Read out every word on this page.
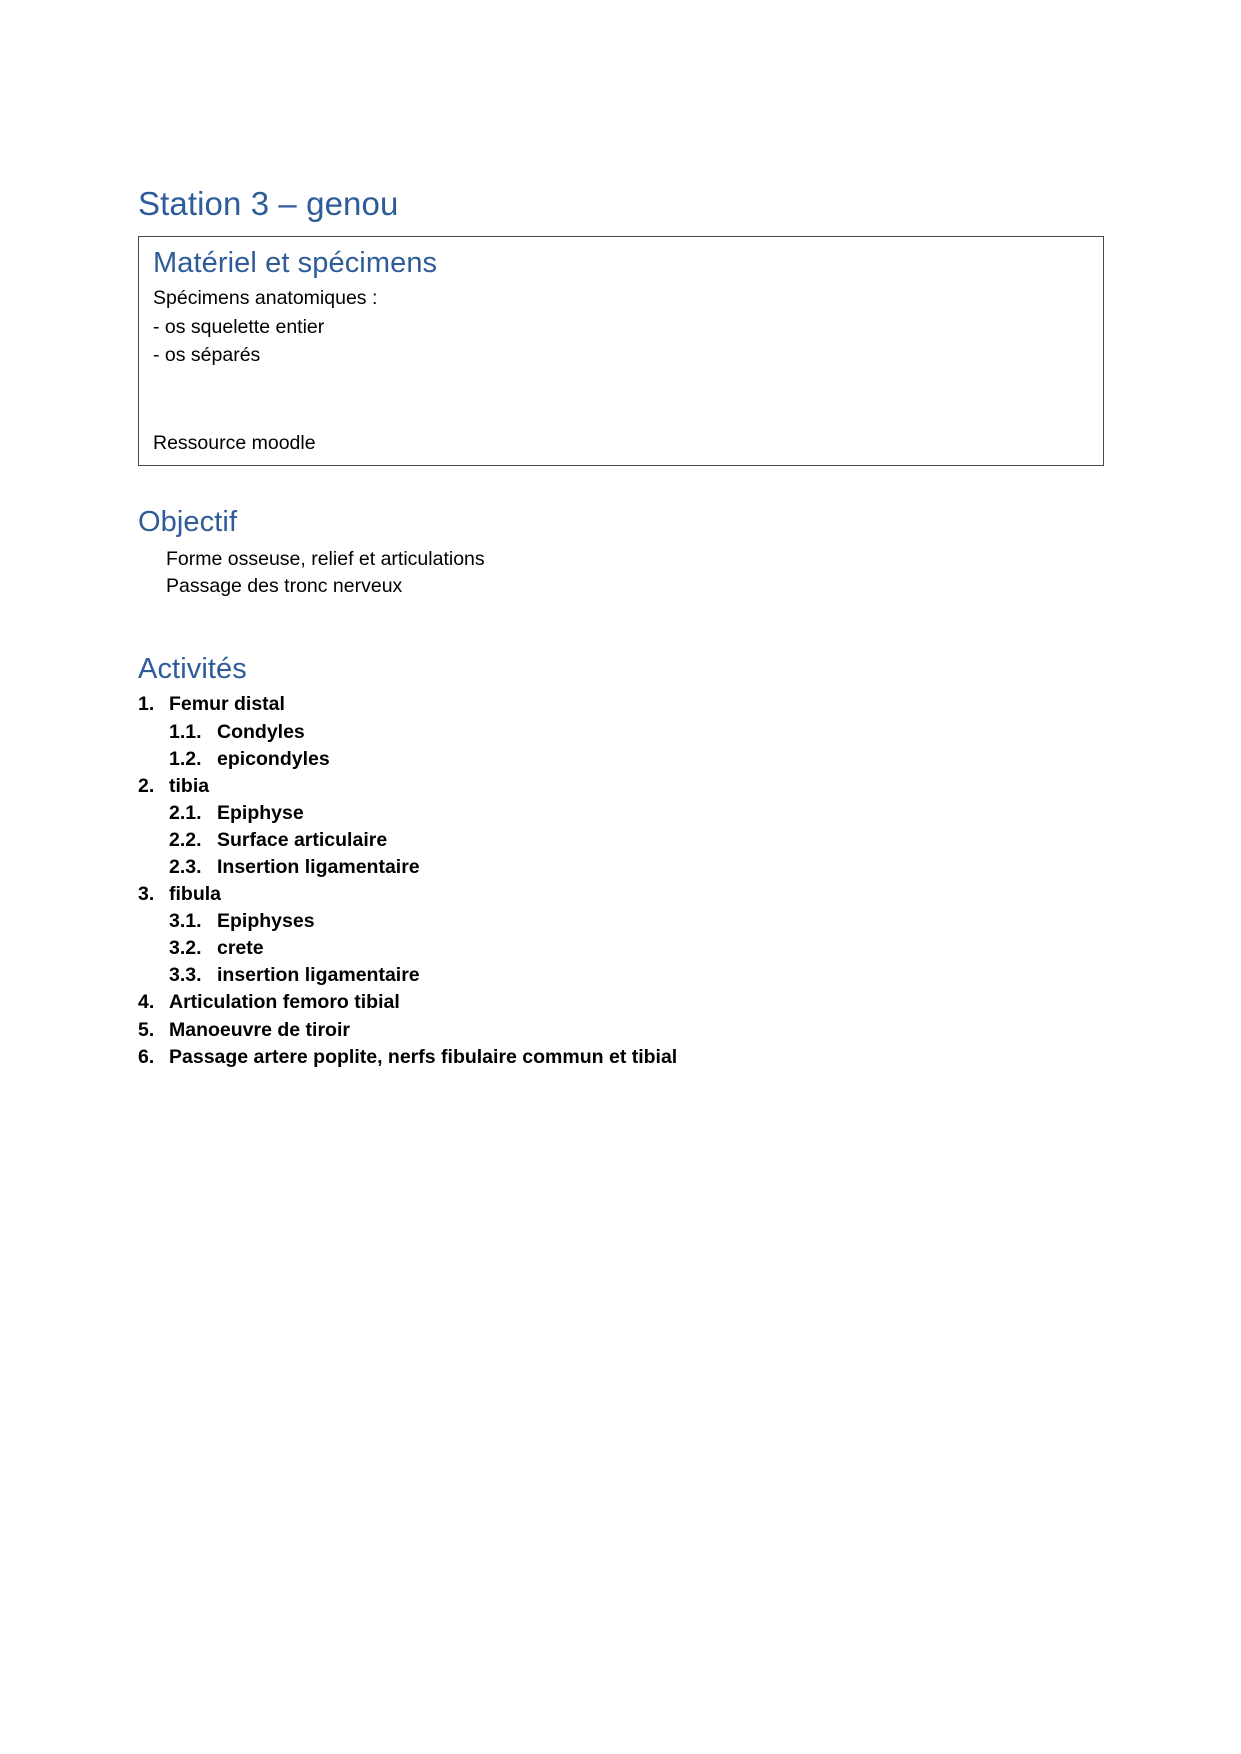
Station 3 – genou
Matériel et spécimens

Spécimens anatomiques :

- os squelette entier

- os séparés

Ressource moodle

Objectif

Forme osseuse, relief et articulations

Passage des tronc nerveux

Activités
1. Femur distal
1.1. Condyles
1.2. epicondyles
2. tibia
2.1. Epiphyse
2.2. Surface articulaire
2.3. Insertion ligamentaire
3. fibula
3.1. Epiphyses
3.2. crete
3.3. insertion ligamentaire
4. Articulation femoro tibial
5. Manoeuvre de tiroir
6. Passage artere poplite, nerfs fibulaire commun et tibial
